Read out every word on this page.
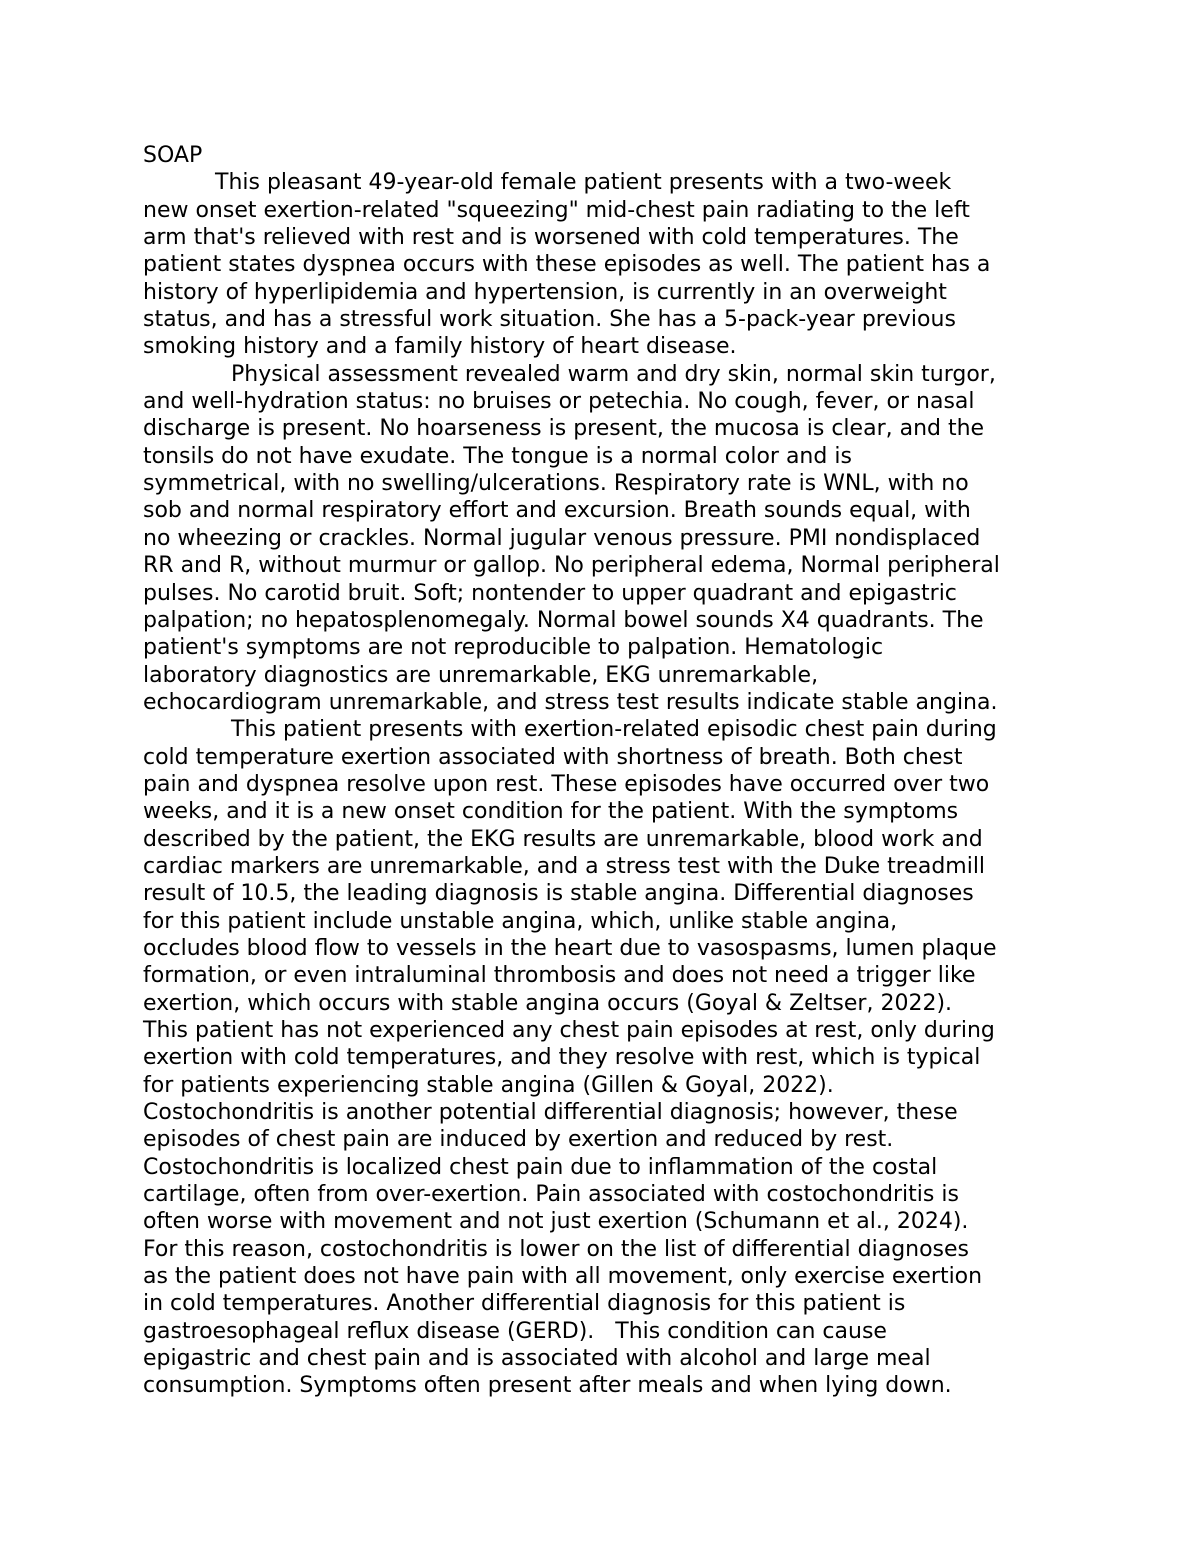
SOAP
This pleasant 49-year-old female patient presents with a two-week
new onset exertion-related "squeezing" mid-chest pain radiating to the left
arm that's relieved with rest and is worsened with cold temperatures. The
patient states dyspnea occurs with these episodes as well. The patient has a
history of hyperlipidemia and hypertension, is currently in an overweight
status, and has a stressful work situation. She has a 5-pack-year previous
smoking history and a family history of heart disease.
Physical assessment revealed warm and dry skin, normal skin turgor,
and well-hydration status: no bruises or petechia. No cough, fever, or nasal
discharge is present. No hoarseness is present, the mucosa is clear, and the
tonsils do not have exudate. The tongue is a normal color and is
symmetrical, with no swelling/ulcerations. Respiratory rate is WNL, with no
sob and normal respiratory effort and excursion. Breath sounds equal, with
no wheezing or crackles. Normal jugular venous pressure. PMI nondisplaced
RR and R, without murmur or gallop. No peripheral edema, Normal peripheral
pulses. No carotid bruit. Soft; nontender to upper quadrant and epigastric
palpation; no hepatosplenomegaly. Normal bowel sounds X4 quadrants. The
patient's symptoms are not reproducible to palpation. Hematologic
laboratory diagnostics are unremarkable, EKG unremarkable,
echocardiogram unremarkable, and stress test results indicate stable angina.
This patient presents with exertion-related episodic chest pain during
cold temperature exertion associated with shortness of breath. Both chest
pain and dyspnea resolve upon rest. These episodes have occurred over two
weeks, and it is a new onset condition for the patient. With the symptoms
described by the patient, the EKG results are unremarkable, blood work and
cardiac markers are unremarkable, and a stress test with the Duke treadmill
result of 10.5, the leading diagnosis is stable angina. Differential diagnoses
for this patient include unstable angina, which, unlike stable angina,
occludes blood flow to vessels in the heart due to vasospasms, lumen plaque
formation, or even intraluminal thrombosis and does not need a trigger like
exertion, which occurs with stable angina occurs (Goyal & Zeltser, 2022).
This patient has not experienced any chest pain episodes at rest, only during
exertion with cold temperatures, and they resolve with rest, which is typical
for patients experiencing stable angina (Gillen & Goyal, 2022).
Costochondritis is another potential differential diagnosis; however, these
episodes of chest pain are induced by exertion and reduced by rest.
Costochondritis is localized chest pain due to inflammation of the costal
cartilage, often from over-exertion. Pain associated with costochondritis is
often worse with movement and not just exertion (Schumann et al., 2024).
For this reason, costochondritis is lower on the list of differential diagnoses
as the patient does not have pain with all movement, only exercise exertion
in cold temperatures. Another differential diagnosis for this patient is
gastroesophageal reflux disease (GERD).   This condition can cause
epigastric and chest pain and is associated with alcohol and large meal
consumption. Symptoms often present after meals and when lying down.
